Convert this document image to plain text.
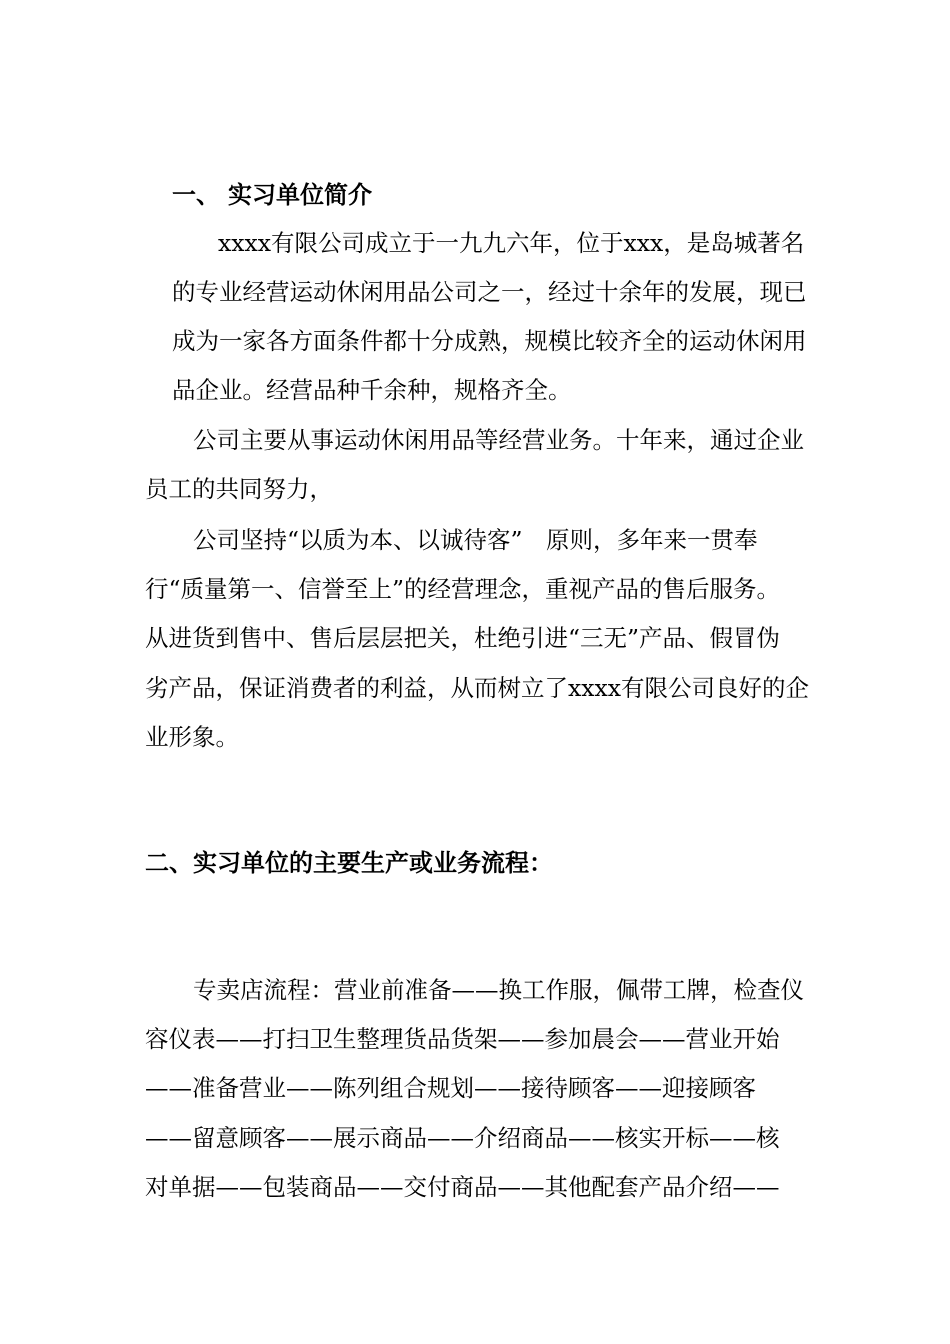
一、 实习单位简介

xxxx有限公司成立于一九九六年，位于xxx，是岛城著名

的专业经营运动休闲用品公司之一，经过十余年的发展，现已

成为一家各方面条件都十分成熟，规模比较齐全的运动休闲用

品企业。经营品种千余种，规格齐全。

公司主要从事运动休闲用品等经营业务。十年来，通过企业

员工的共同努力，

公司坚持“以质为本、以诚待客”　原则，多年来一贯奉

行“质量第一、信誉至上”的经营理念，重视产品的售后服务。

从进货到售中、售后层层把关，杜绝引进“三无”产品、假冒伪

劣产品，保证消费者的利益，从而树立了xxxx有限公司良好的企

业形象。

二、实习单位的主要生产或业务流程：

专卖店流程：营业前准备——换工作服，佩带工牌，检查仪

容仪表——打扫卫生整理货品货架——参加晨会——营业开始

——准备营业——陈列组合规划——接待顾客——迎接顾客

——留意顾客——展示商品——介绍商品——核实开标——核

对单据——包装商品——交付商品——其他配套产品介绍——
